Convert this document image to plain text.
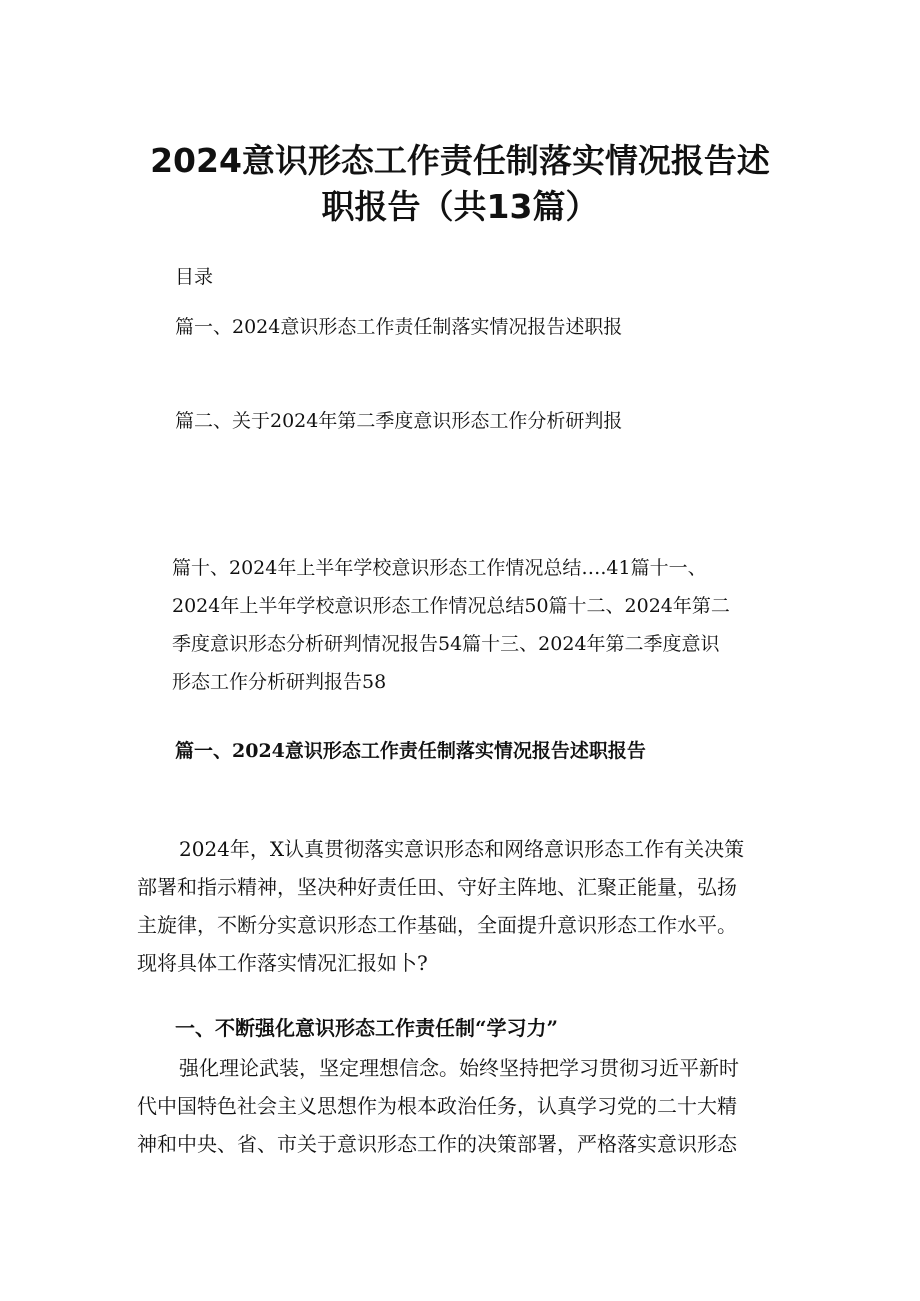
2024意识形态工作责任制落实情况报告述
职报告（共13篇）
目录
篇一、2024意识形态工作责任制落实情况报告述职报
篇二、关于2024年第二季度意识形态工作分析研判报
篇十、2024年上半年学校意识形态工作情况总结….41篇十一、
2024年上半年学校意识形态工作情况总结50篇十二、2024年第二
季度意识形态分析研判情况报告54篇十三、2024年第二季度意识
形态工作分析研判报告58
篇一、2024意识形态工作责任制落实情况报告述职报告
2024年，X认真贯彻落实意识形态和网络意识形态工作有关决策
部署和指示精神，坚决种好责任田、守好主阵地、汇聚正能量，弘扬
主旋律，不断分实意识形态工作基础，全面提升意识形态工作水平。
现将具体工作落实情况汇报如卜?
一、不断强化意识形态工作责任制“学习力”
强化理论武装，坚定理想信念。始终坚持把学习贯彻习近平新时
代中国特色社会主义思想作为根本政治任务，认真学习党的二十大精
神和中央、省、市关于意识形态工作的决策部署，严格落实意识形态
